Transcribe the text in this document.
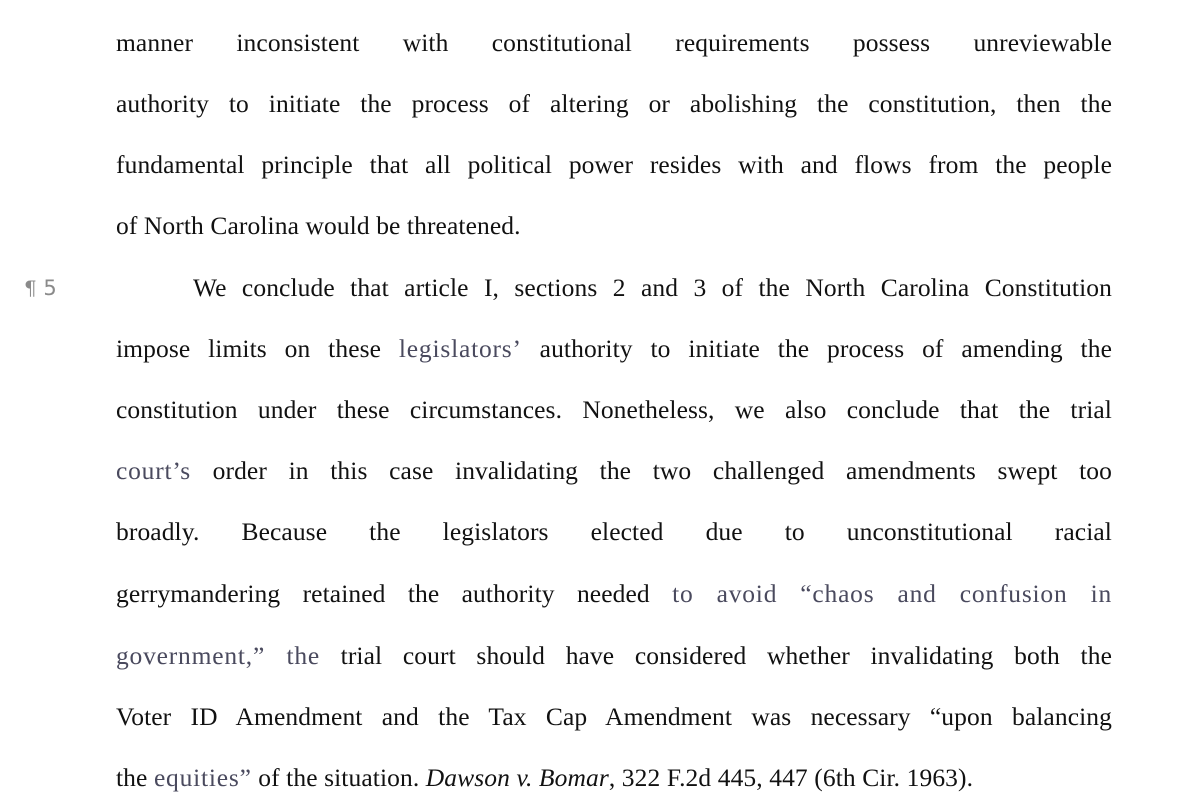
manner inconsistent with constitutional requirements possess unreviewable
authority to initiate the process of altering or abolishing the constitution, then the
fundamental principle that all political power resides with and flows from the people
of North Carolina would be threatened.
¶ 5	We conclude that article I, sections 2 and 3 of the North Carolina Constitution
impose limits on these legislators’ authority to initiate the process of amending the
constitution under these circumstances. Nonetheless, we also conclude that the trial
court’s order in this case invalidating the two challenged amendments swept too
broadly. Because the legislators elected due to unconstitutional racial
gerrymandering retained the authority needed to avoid “chaos and confusion in
government,” the trial court should have considered whether invalidating both the
Voter ID Amendment and the Tax Cap Amendment was necessary “upon balancing
the equities” of the situation. Dawson v. Bomar, 322 F.2d 445, 447 (6th Cir. 1963).
